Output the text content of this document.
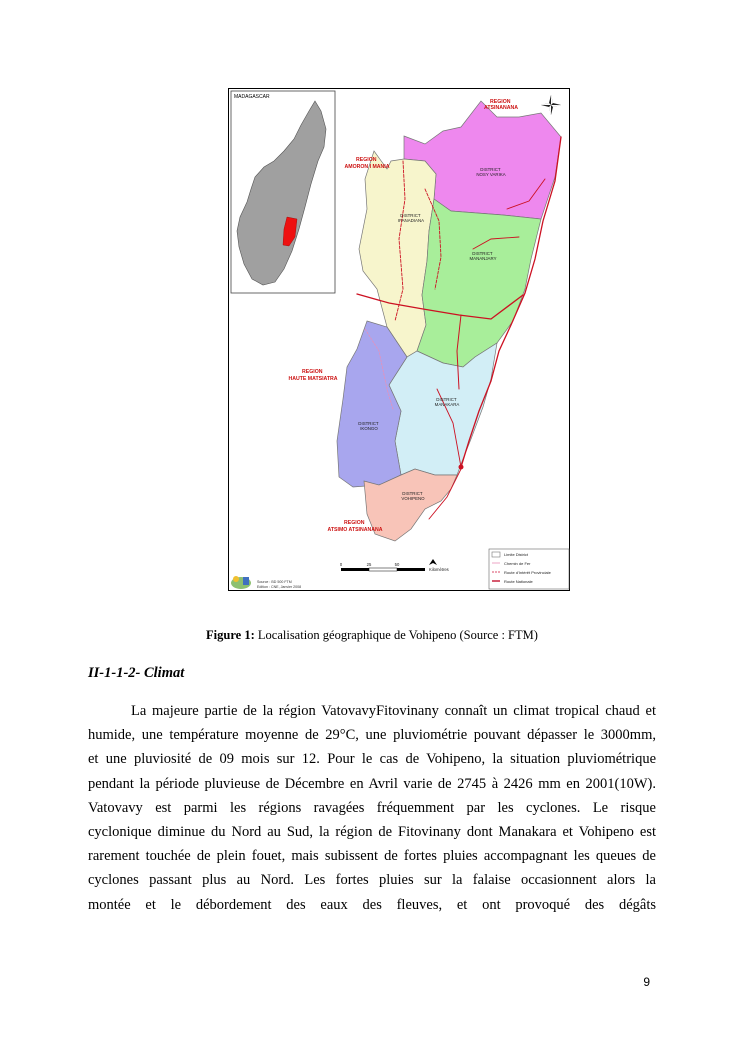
MADAGASCAR
REGION ATSINANANA
REGION AMORON I MANIA
REGION HAUTE MATSIATRA
REGION ATSIMO ATSINANANA
DISTRICT NOSY VARIKA
DISTRICT IFANADIANA
DISTRICT MANANJARY
DISTRICT MANAKARA
DISTRICT IKONGO
DISTRICT VOHIPENO
0	25	50
Kilomètres
Limite District
Chemin de Fer
Route d'Intérêt Provinciale
Route Nationale
Source : BD 500 FTM
Edition : CNE, Janvier 2008
Figure 1: Localisation géographique de Vohipeno (Source : FTM)
II-1-1-2- Climat
La majeure partie de la région VatovavyFitovinany connaît un climat tropical chaud et
humide, une température moyenne de 29°C, une pluviométrie pouvant dépasser le 3000mm,
et une pluviosité de 09 mois sur 12. Pour le cas de Vohipeno, la situation pluviométrique
pendant la période pluvieuse de Décembre en Avril varie de 2745 à 2426 mm en 2001(10W).
Vatovavy est parmi les régions ravagées fréquemment par les cyclones. Le risque
cyclonique diminue du Nord au Sud, la région de Fitovinany dont Manakara et Vohipeno est
rarement touchée de plein fouet, mais subissent de fortes pluies accompagnant les queues de
cyclones passant plus au Nord. Les fortes pluies sur la falaise occasionnent alors la
montée et le débordement des eaux des fleuves, et ont provoqué des dégâts
9
